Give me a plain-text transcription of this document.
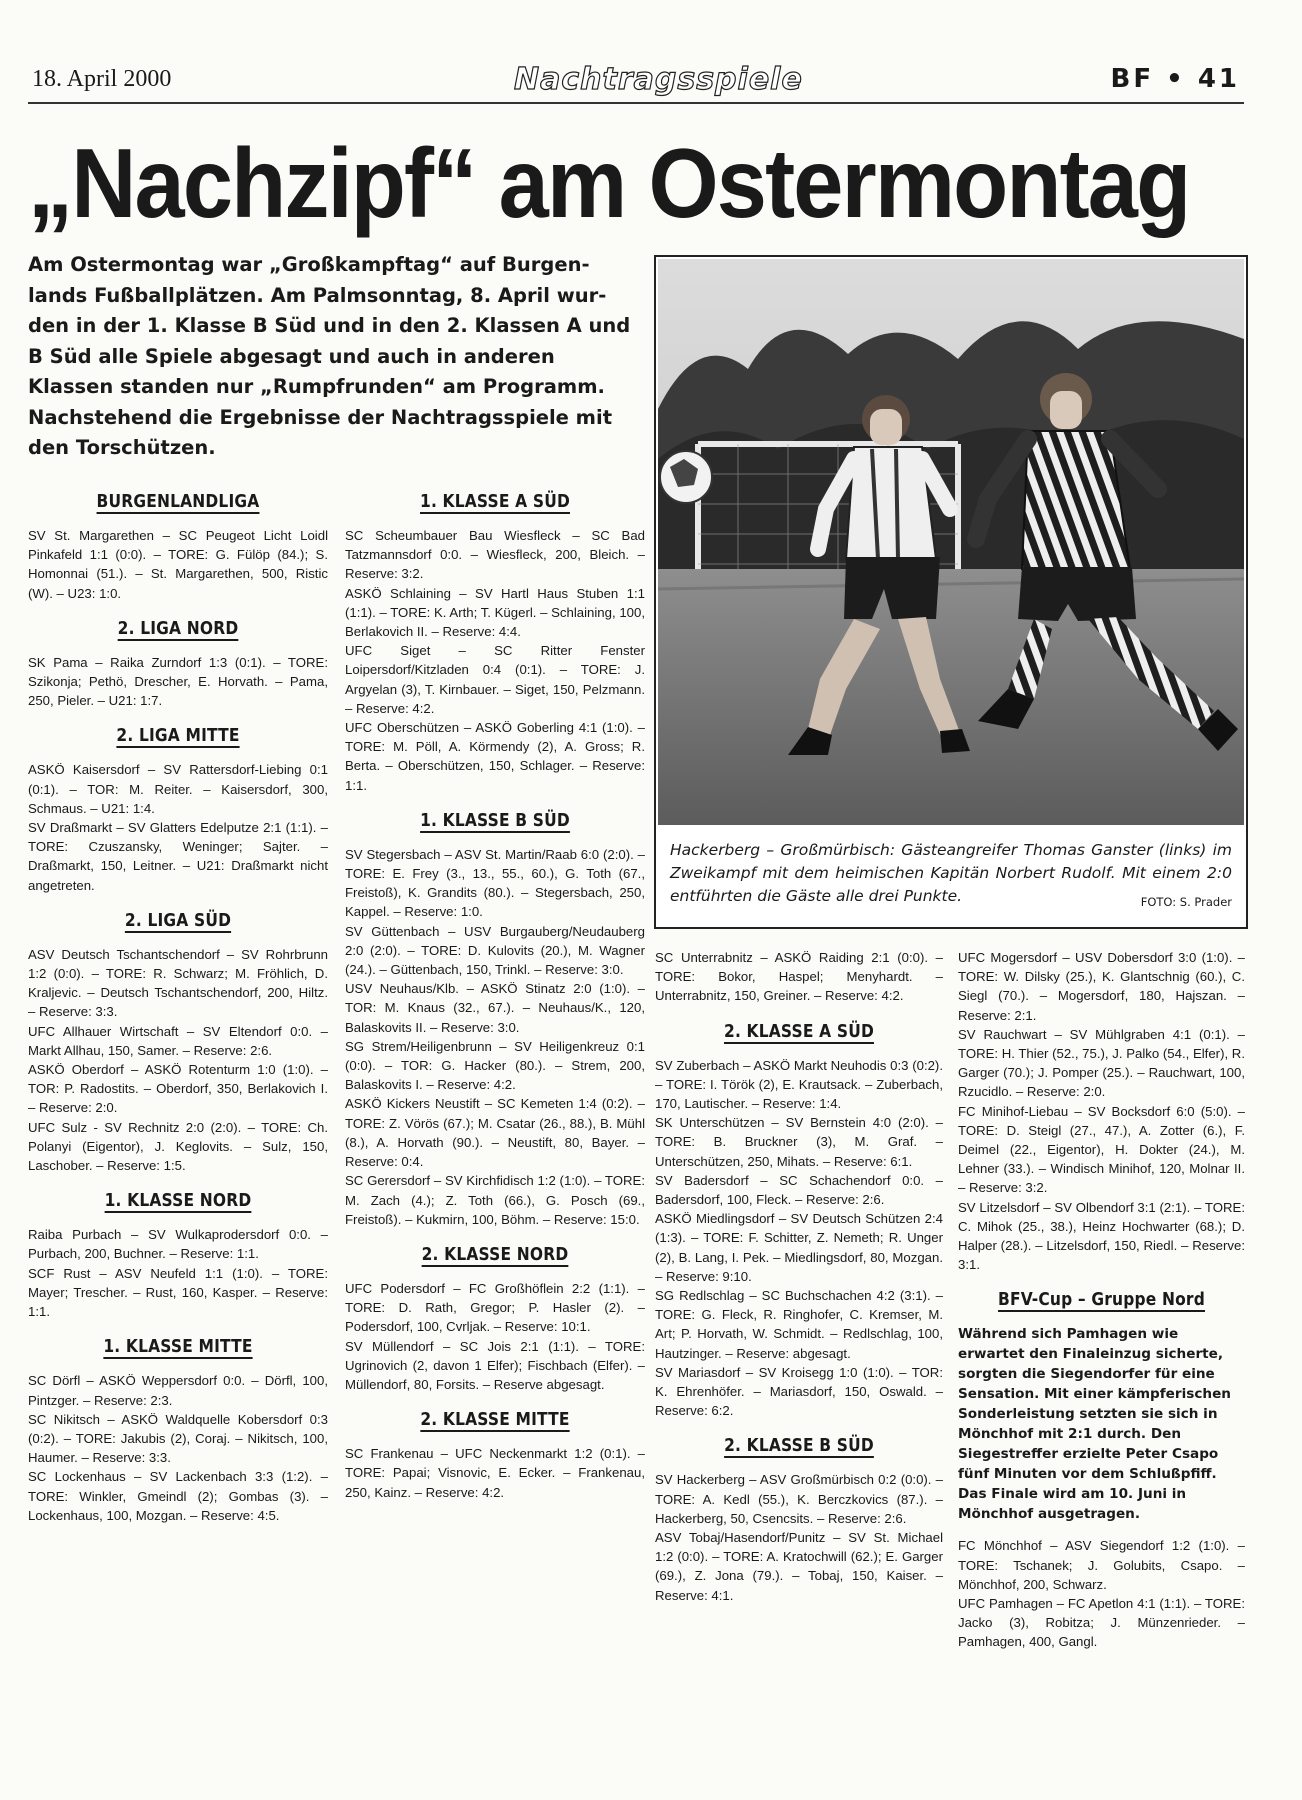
18. April 2000	Nachtragsspiele	BF • 41
„Nachzipf“ am Ostermontag

Am Ostermontag war „Großkampftag“ auf Burgen-
lands Fußballplätzen. Am Palmsonntag, 8. April wur-
den in der 1. Klasse B Süd und in den 2. Klassen A und
B Süd alle Spiele abgesagt und auch in anderen
Klassen standen nur „Rumpfrunden“ am Programm.
Nachstehend die Ergebnisse der Nachtragsspiele mit
den Torschützen.

Hackerberg – Großmürbisch: Gästeangreifer Thomas Ganster (links) im Zweikampf mit dem heimischen Kapitän Norbert Rudolf. Mit einem 2:0 entführten die Gäste alle drei Punkte.	FOTO: S. Prader

BURGENLANDLIGA

SV St. Margarethen – SC Peugeot Licht Loidl Pinkafeld 1:1 (0:0). – TORE: G. Fülöp (84.); S. Homonnai (51.). – St. Margarethen, 500, Ristic (W). – U23: 1:0.

2. LIGA NORD

SK Pama – Raika Zurndorf 1:3 (0:1). – TORE: Szikonja; Pethö, Drescher, E. Horvath. – Pama, 250, Pieler. – U21: 1:7.

2. LIGA MITTE

ASKÖ Kaisersdorf – SV Rattersdorf-Liebing 0:1 (0:1). – TOR: M. Reiter. – Kaisersdorf, 300, Schmaus. – U21: 1:4.

SV Draßmarkt – SV Glatters Edelputze 2:1 (1:1). – TORE: Czuszansky, Weninger; Sajter. – Draßmarkt, 150, Leitner. – U21: Draßmarkt nicht angetreten.

2. LIGA SÜD

ASV Deutsch Tschantschendorf – SV Rohrbrunn 1:2 (0:0). – TORE: R. Schwarz; M. Fröhlich, D. Kraljevic. – Deutsch Tschantschendorf, 200, Hiltz. – Reserve: 3:3.

UFC Allhauer Wirtschaft – SV Eltendorf 0:0. – Markt Allhau, 150, Samer. – Reserve: 2:6.

ASKÖ Oberdorf – ASKÖ Rotenturm 1:0 (1:0). – TOR: P. Radostits. – Oberdorf, 350, Berlakovich I. – Reserve: 2:0.

UFC Sulz - SV Rechnitz 2:0 (2:0). – TORE: Ch. Polanyi (Eigentor), J. Keglovits. – Sulz, 150, Laschober. – Reserve: 1:5.

1. KLASSE NORD

Raiba Purbach – SV Wulkaprodersdorf 0:0. – Purbach, 200, Buchner. – Reserve: 1:1.

SCF Rust – ASV Neufeld 1:1 (1:0). – TORE: Mayer; Trescher. – Rust, 160, Kasper. – Reserve: 1:1.

1. KLASSE MITTE

SC Dörfl – ASKÖ Weppersdorf 0:0. – Dörfl, 100, Pintzger. – Reserve: 2:3.

SC Nikitsch – ASKÖ Waldquelle Kobersdorf 0:3 (0:2). – TORE: Jakubis (2), Coraj. – Nikitsch, 100, Haumer. – Reserve: 3:3.

SC Lockenhaus – SV Lackenbach 3:3 (1:2). – TORE: Winkler, Gmeindl (2); Gombas (3). – Lockenhaus, 100, Mozgan. – Reserve: 4:5.

1. KLASSE A SÜD

SC Scheumbauer Bau Wiesfleck – SC Bad Tatzmannsdorf 0:0. – Wiesfleck, 200, Bleich. – Reserve: 3:2.

ASKÖ Schlaining – SV Hartl Haus Stuben 1:1 (1:1). – TORE: K. Arth; T. Kügerl. – Schlaining, 100, Berlakovich II. – Reserve: 4:4.

UFC Siget – SC Ritter Fenster Loipersdorf/Kitzladen 0:4 (0:1). – TORE: J. Argyelan (3), T. Kirnbauer. – Siget, 150, Pelzmann. – Reserve: 4:2.

UFC Oberschützen – ASKÖ Goberling 4:1 (1:0). – TORE: M. Pöll, A. Körmendy (2), A. Gross; R. Berta. – Oberschützen, 150, Schlager. – Reserve: 1:1.

1. KLASSE B SÜD

SV Stegersbach – ASV St. Martin/Raab 6:0 (2:0). – TORE: E. Frey (3., 13., 55., 60.), G. Toth (67., Freistoß), K. Grandits (80.). – Stegersbach, 250, Kappel. – Reserve: 1:0.

SV Güttenbach – USV Burgauberg/Neudauberg 2:0 (2:0). – TORE: D. Kulovits (20.), M. Wagner (24.). – Güttenbach, 150, Trinkl. – Reserve: 3:0.

USV Neuhaus/Klb. – ASKÖ Stinatz 2:0 (1:0). – TOR: M. Knaus (32., 67.). – Neuhaus/K., 120, Balaskovits II. – Reserve: 3:0.

SG Strem/Heiligenbrunn – SV Heiligenkreuz 0:1 (0:0). – TOR: G. Hacker (80.). – Strem, 200, Balaskovits I. – Reserve: 4:2.

ASKÖ Kickers Neustift – SC Kemeten 1:4 (0:2). – TORE: Z. Vörös (67.); M. Csatar (26., 88.), B. Mühl (8.), A. Horvath (90.). – Neustift, 80, Bayer. – Reserve: 0:4.

SC Gerersdorf – SV Kirchfidisch 1:2 (1:0). – TORE: M. Zach (4.); Z. Toth (66.), G. Posch (69., Freistoß). – Kukmirn, 100, Böhm. – Reserve: 15:0.

2. KLASSE NORD

UFC Podersdorf – FC Großhöflein 2:2 (1:1). – TORE: D. Rath, Gregor; P. Hasler (2). – Podersdorf, 100, Cvrljak. – Reserve: 10:1.

SV Müllendorf – SC Jois 2:1 (1:1). – TORE: Ugrinovich (2, davon 1 Elfer); Fischbach (Elfer). – Müllendorf, 80, Forsits. – Reserve abgesagt.

2. KLASSE MITTE

SC Frankenau – UFC Neckenmarkt 1:2 (0:1). – TORE: Papai; Visnovic, E. Ecker. – Frankenau, 250, Kainz. – Reserve: 4:2.

SC Unterrabnitz – ASKÖ Raiding 2:1 (0:0). – TORE: Bokor, Haspel; Menyhardt. – Unterrabnitz, 150, Greiner. – Reserve: 4:2.

2. KLASSE A SÜD

SV Zuberbach – ASKÖ Markt Neuhodis 0:3 (0:2). – TORE: I. Török (2), E. Krautsack. – Zuberbach, 170, Lautischer. – Reserve: 1:4.

SK Unterschützen – SV Bernstein 4:0 (2:0). – TORE: B. Bruckner (3), M. Graf. – Unterschützen, 250, Mihats. – Reserve: 6:1.

SV Badersdorf – SC Schachendorf 0:0. – Badersdorf, 100, Fleck. – Reserve: 2:6.

ASKÖ Miedlingsdorf – SV Deutsch Schützen 2:4 (1:3). – TORE: F. Schitter, Z. Nemeth; R. Unger (2), B. Lang, I. Pek. – Miedlingsdorf, 80, Mozgan. – Reserve: 9:10.

SG Redlschlag – SC Buchschachen 4:2 (3:1). – TORE: G. Fleck, R. Ringhofer, C. Kremser, M. Art; P. Horvath, W. Schmidt. – Redlschlag, 100, Hautzinger. – Reserve: abgesagt.

SV Mariasdorf – SV Kroisegg 1:0 (1:0). – TOR: K. Ehrenhöfer. – Mariasdorf, 150, Oswald. – Reserve: 6:2.

2. KLASSE B SÜD

SV Hackerberg – ASV Großmürbisch 0:2 (0:0). – TORE: A. Kedl (55.), K. Berczkovics (87.). – Hackerberg, 50, Csencsits. – Reserve: 2:6.

ASV Tobaj/Hasendorf/Punitz – SV St. Michael 1:2 (0:0). – TORE: A. Kratochwill (62.); E. Garger (69.), Z. Jona (79.). – Tobaj, 150, Kaiser. – Reserve: 4:1.

UFC Mogersdorf – USV Dobersdorf 3:0 (1:0). – TORE: W. Dilsky (25.), K. Glantschnig (60.), C. Siegl (70.). – Mogersdorf, 180, Hajszan. – Reserve: 2:1.

SV Rauchwart – SV Mühlgraben 4:1 (0:1). – TORE: H. Thier (52., 75.), J. Palko (54., Elfer), R. Garger (70.); J. Pomper (25.). – Rauchwart, 100, Rzucidlo. – Reserve: 2:0.

FC Minihof-Liebau – SV Bocksdorf 6:0 (5:0). – TORE: D. Steigl (27., 47.), A. Zotter (6.), F. Deimel (22., Eigentor), H. Dokter (24.), M. Lehner (33.). – Windisch Minihof, 120, Molnar II. – Reserve: 3:2.

SV Litzelsdorf – SV Olbendorf 3:1 (2:1). – TORE: C. Mihok (25., 38.), Heinz Hochwarter (68.); D. Halper (28.). – Litzelsdorf, 150, Riedl. – Reserve: 3:1.

BFV-Cup – Gruppe Nord

Während sich Pamhagen wie erwartet den Finaleinzug sicherte, sorgten die Siegendorfer für eine Sensation. Mit einer kämpferischen Sonderleistung setzten sie sich in Mönchhof mit 2:1 durch. Den Siegestreffer erzielte Peter Csapo fünf Minuten vor dem Schlußpfiff. Das Finale wird am 10. Juni in Mönchhof ausgetragen.

FC Mönchhof – ASV Siegendorf 1:2 (1:0). – TORE: Tschanek; J. Golubits, Csapo. – Mönchhof, 200, Schwarz.

UFC Pamhagen – FC Apetlon 4:1 (1:1). – TORE: Jacko (3), Robitza; J. Münzenrieder. – Pamhagen, 400, Gangl.
